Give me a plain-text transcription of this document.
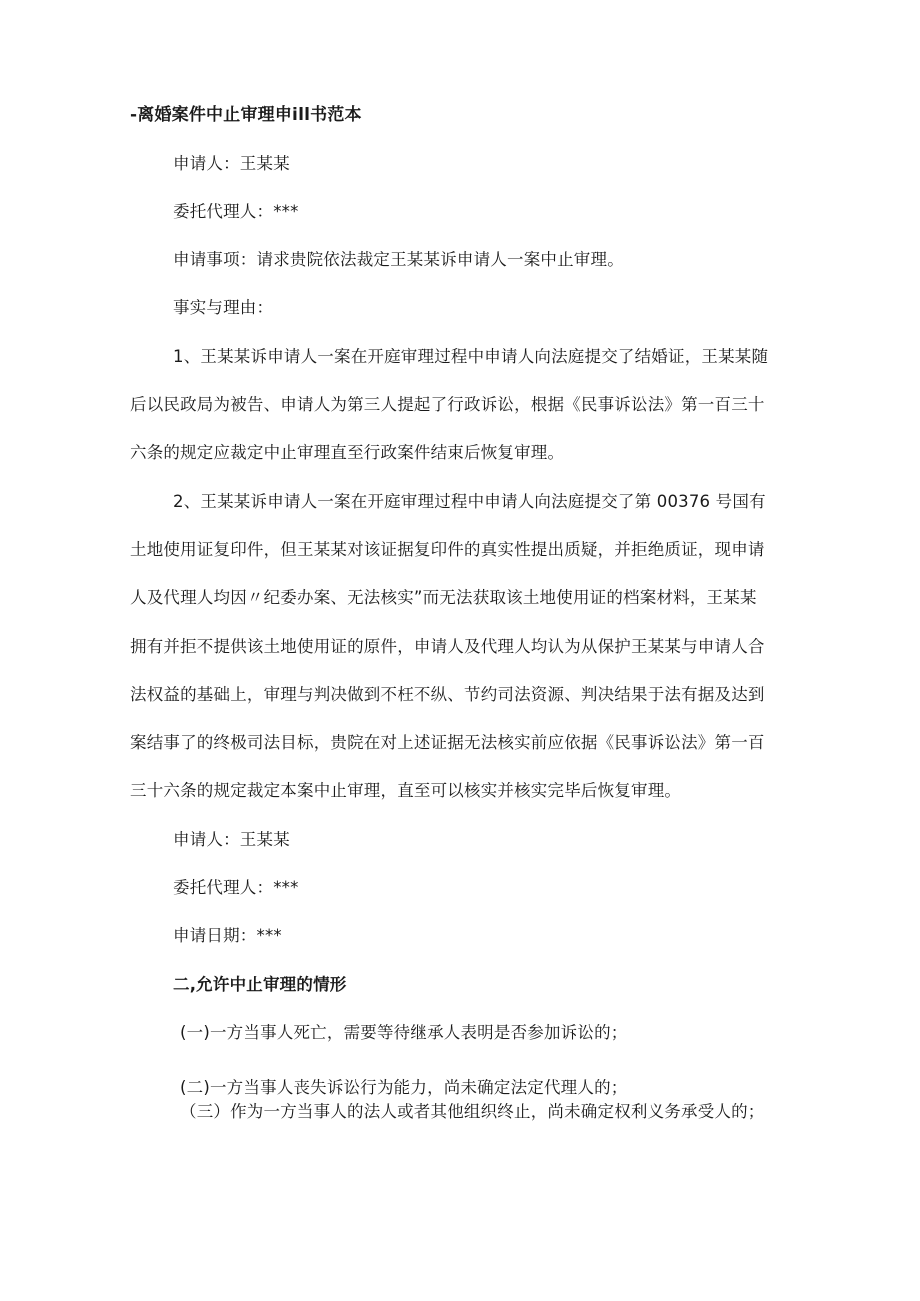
-离婚案件中止审理申ill书范本
申请人：王某某
委托代理人：***
申请事项：请求贵院依法裁定王某某诉申请人一案中止审理。
事实与理由：
1、王某某诉申请人一案在开庭审理过程中申请人向法庭提交了结婚证，王某某随
后以民政局为被告、申请人为第三人提起了行政诉讼，根据《民事诉讼法》第一百三十
六条的规定应裁定中止审理直至行政案件结束后恢复审理。
2、王某某诉申请人一案在开庭审理过程中申请人向法庭提交了第 00376 号国有
土地使用证复印件，但王某某对该证据复印件的真实性提出质疑，并拒绝质证，现申请
人及代理人均因〃纪委办案、无法核实”而无法获取该土地使用证的档案材料，王某某
拥有并拒不提供该土地使用证的原件，申请人及代理人均认为从保护王某某与申请人合
法权益的基础上，审理与判决做到不枉不纵、节约司法资源、判决结果于法有据及达到
案结事了的终极司法目标，贵院在对上述证据无法核实前应依据《民事诉讼法》第一百
三十六条的规定裁定本案中止审理，直至可以核实并核实完毕后恢复审理。
申请人：王某某
委托代理人：***
申请日期：***
二,允许中止审理的情形
(一)一方当事人死亡，需要等待继承人表明是否参加诉讼的；
(二)一方当事人丧失诉讼行为能力，尚未确定法定代理人的；
（三）作为一方当事人的法人或者其他组织终止，尚未确定权利义务承受人的；
